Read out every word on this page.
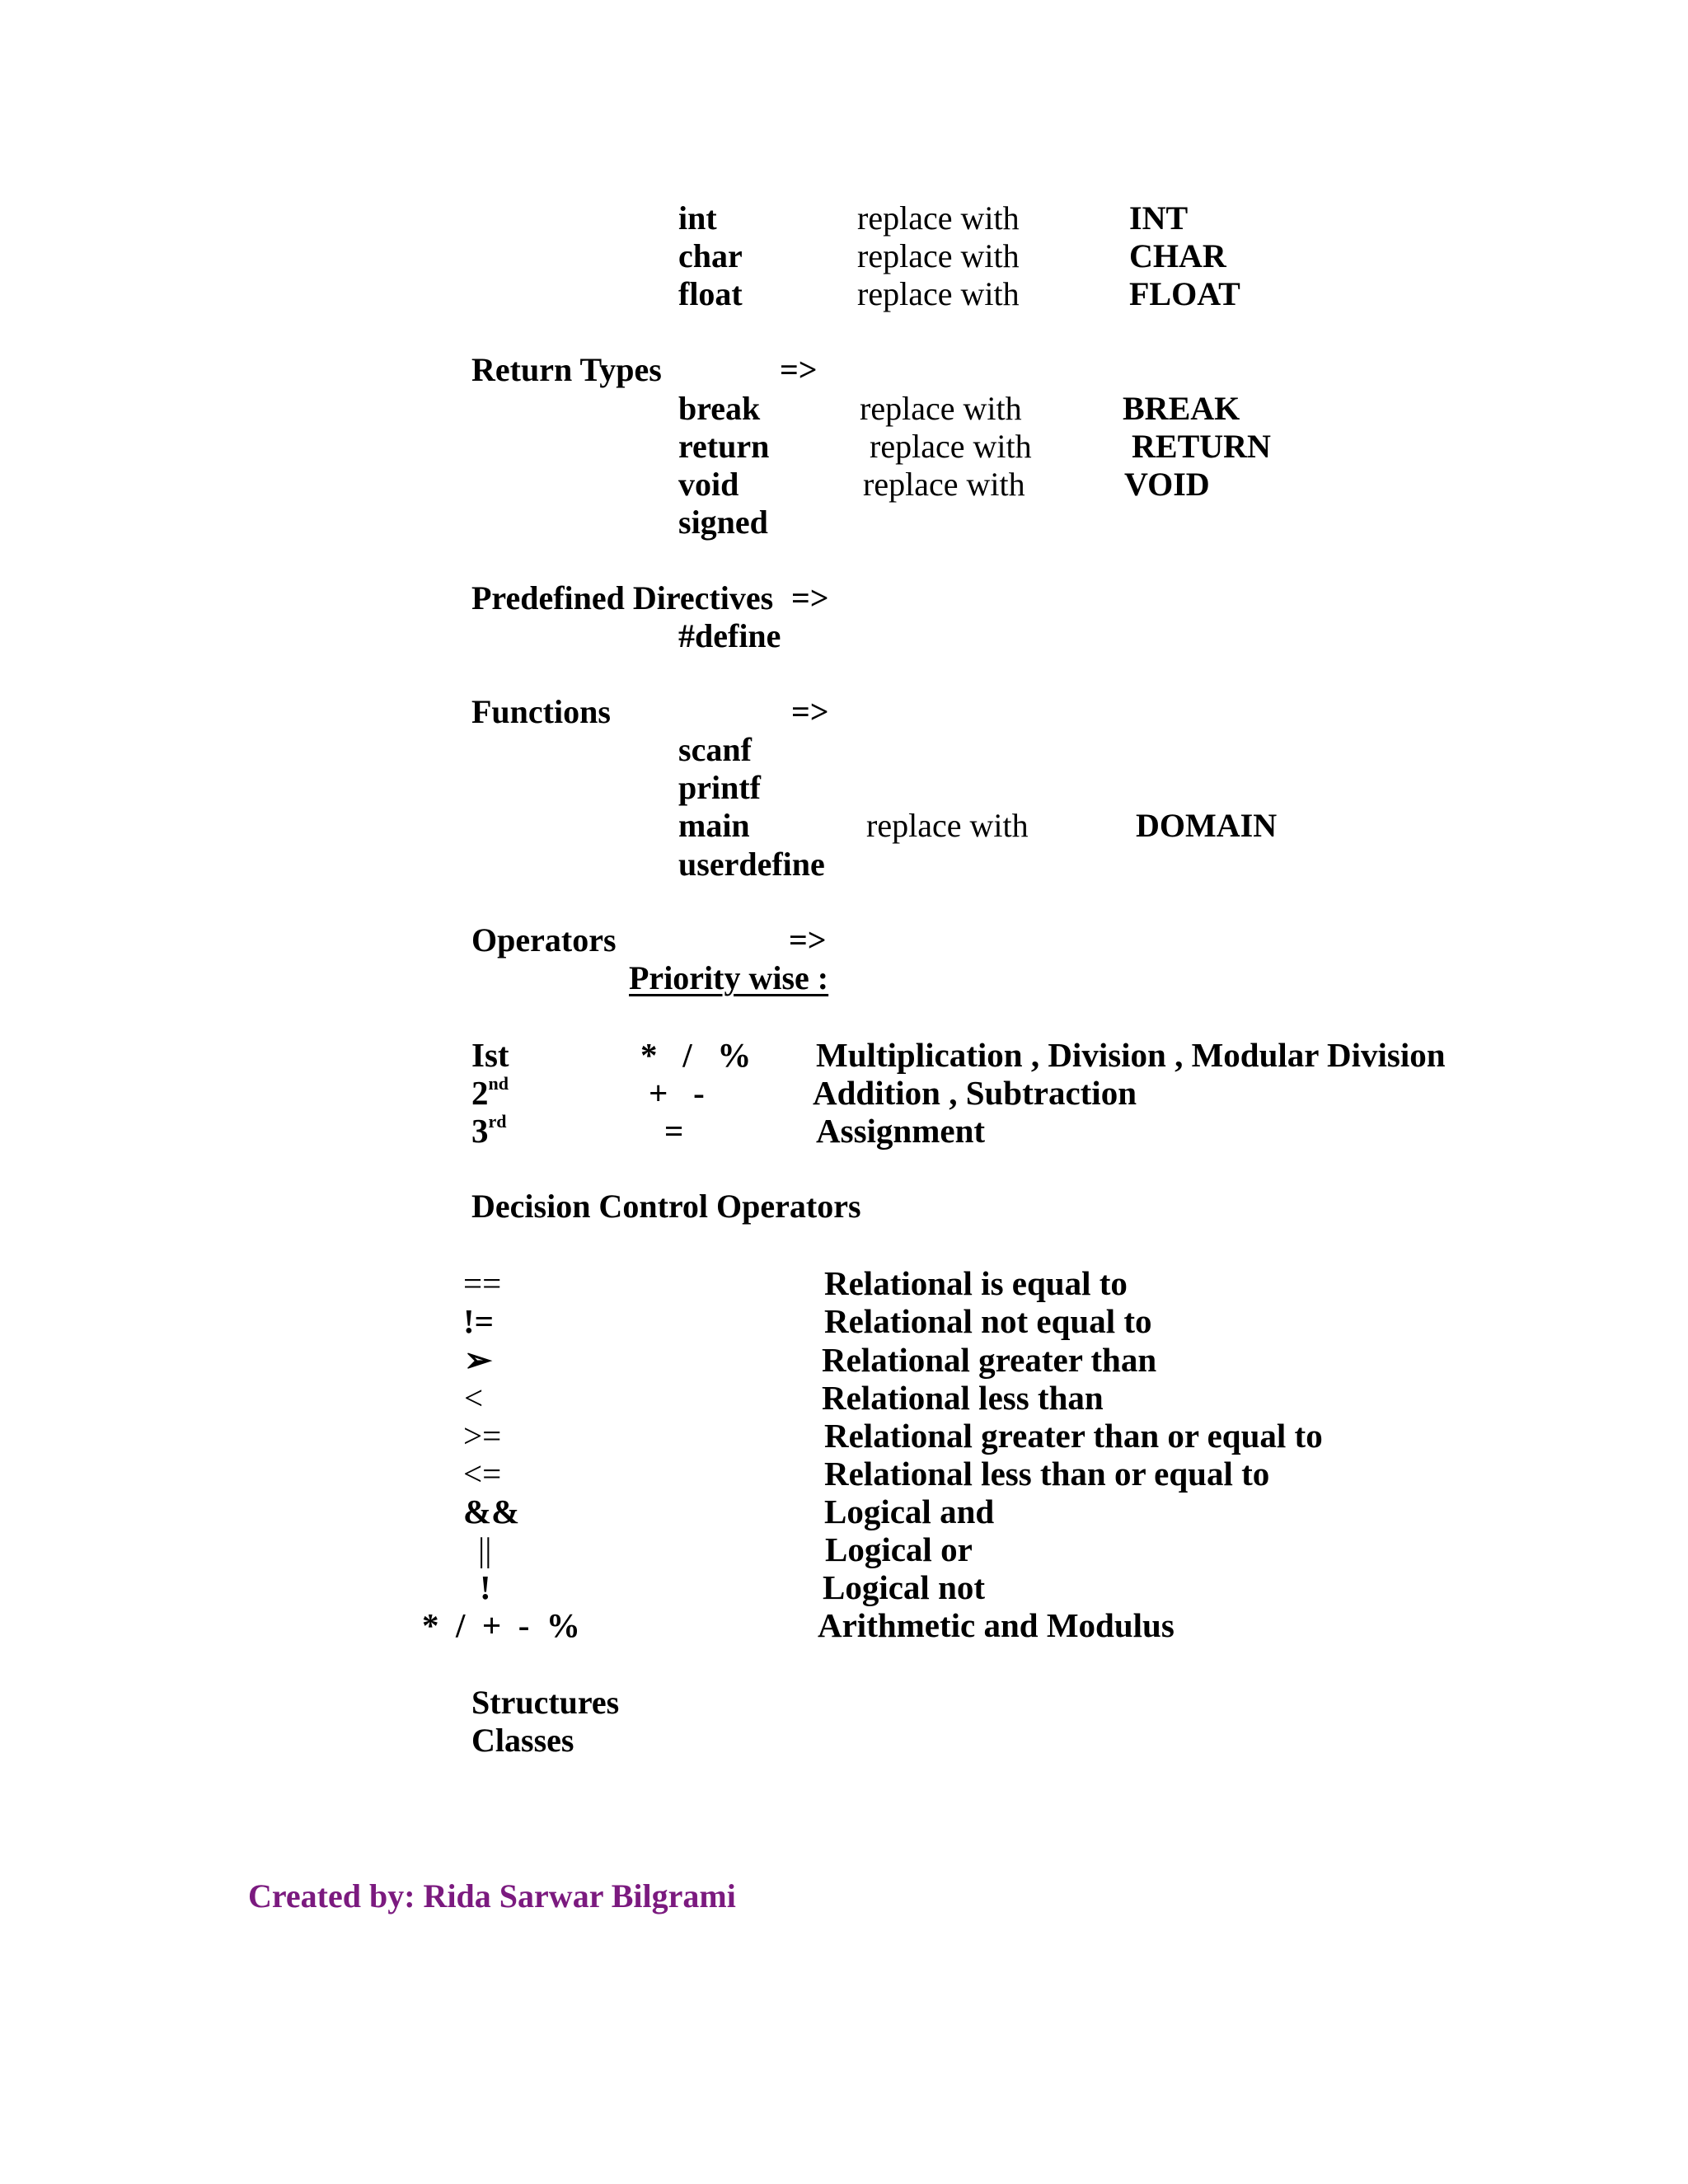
int	replace with	INT
char	replace with	CHAR
float	replace with	FLOAT
Return Types	=>
break	replace with	BREAK
return	replace with	RETURN
void	replace with	VOID
signed
Predefined Directives =>
#define
Functions	=>
scanf
printf
main	replace with	DOMAIN
userdefine
Operators	=>
Priority wise :
Ist	*   /   % Multiplication , Division , Modular Division
2nd	+   -	Addition , Subtraction
3rd	=	Assignment
Decision Control Operators
==	Relational is equal to
!=	Relational not equal to
➢	Relational greater than
<	Relational less than
>=	Relational greater than or equal to
<=	Relational less than or equal to
&&	Logical and
||	Logical or
!	Logical not
*  /  +  -  %	Arithmetic and Modulus
Structures
Classes
Created by: Rida Sarwar Bilgrami
